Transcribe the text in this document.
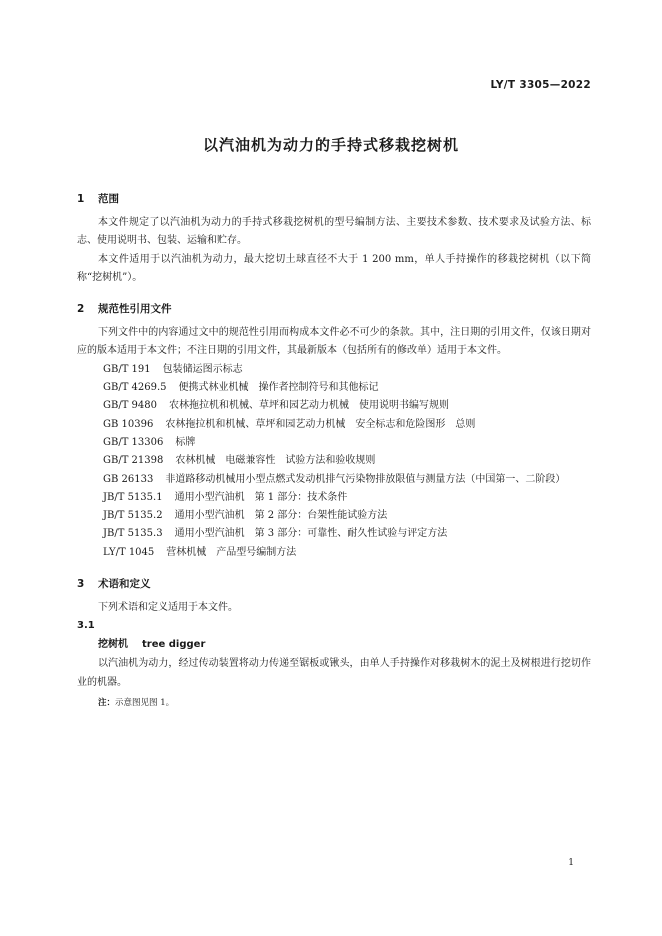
LY/T 3305—2022
以汽油机为动力的手持式移栽挖树机
1 范围

本文件规定了以汽油机为动力的手持式移栽挖树机的型号编制方法、主要技术参数、技术要求及试验方法、标志、使用说明书、包装、运输和贮存。

本文件适用于以汽油机为动力，最大挖切土球直径不大于 1 200 mm，单人手持操作的移栽挖树机（以下简称“挖树机”）。

2 规范性引用文件

下列文件中的内容通过文中的规范性引用而构成本文件必不可少的条款。其中，注日期的引用文件，仅该日期对应的版本适用于本文件；不注日期的引用文件，其最新版本（包括所有的修改单）适用于本文件。

GB/T 191 包装储运图示标志

GB/T 4269.5 便携式林业机械　操作者控制符号和其他标记

GB/T 9480 农林拖拉机和机械、草坪和园艺动力机械　使用说明书编写规则

GB 10396 农林拖拉机和机械、草坪和园艺动力机械　安全标志和危险图形　总则

GB/T 13306 标牌

GB/T 21398 农林机械　电磁兼容性　试验方法和验收规则

GB 26133 非道路移动机械用小型点燃式发动机排气污染物排放限值与测量方法（中国第一、二阶段）

JB/T 5135.1 通用小型汽油机　第 1 部分：技术条件

JB/T 5135.2 通用小型汽油机　第 2 部分：台架性能试验方法

JB/T 5135.3 通用小型汽油机　第 3 部分：可靠性、耐久性试验与评定方法

LY/T 1045 营林机械　产品型号编制方法

3 术语和定义

下列术语和定义适用于本文件。

3.1
挖树机 tree digger

以汽油机为动力，经过传动装置将动力传递至锯板或锹头，由单人手持操作对移栽树木的泥土及树根进行挖切作业的机器。

注：示意图见图 1。
1
